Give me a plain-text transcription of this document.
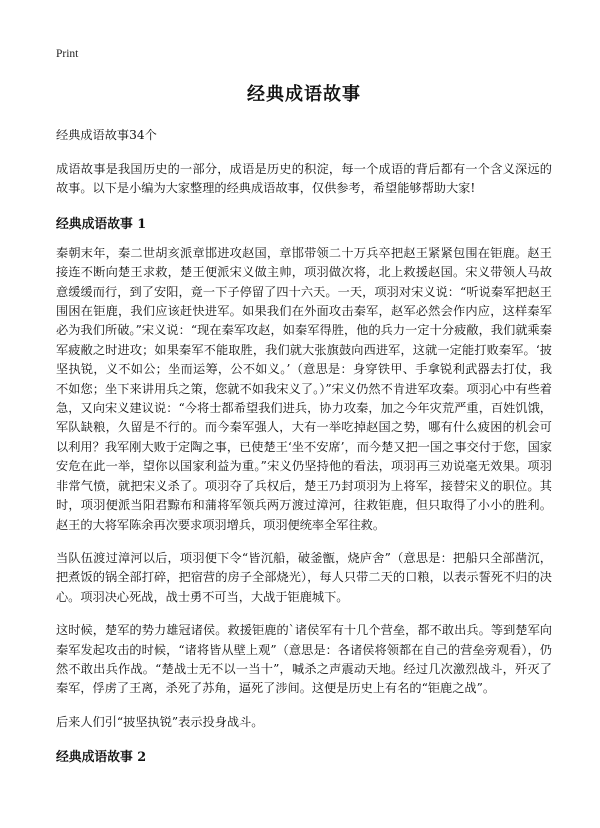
Print
经典成语故事

经典成语故事34个

成语故事是我国历史的一部分，成语是历史的积淀，每一个成语的背后都有一个含义深远的故事。以下是小编为大家整理的经典成语故事，仅供参考，希望能够帮助大家!

经典成语故事 1

秦朝末年，秦二世胡亥派章邯进攻赵国，章邯带领二十万兵卒把赵王紧紧包围在钜鹿。赵王接连不断向楚王求救，楚王便派宋义做主帅，项羽做次将，北上救援赵国。宋义带领人马故意缓缓而行，到了安阳，竟一下子停留了四十六天。一天，项羽对宋义说：“听说秦军把赵王围困在钜鹿，我们应该赶快进军。如果我们在外面攻击秦军，赵军必然会作内应，这样秦军必为我们所破。”宋义说：“现在秦军攻赵，如秦军得胜，他的兵力一定十分疲敝，我们就乘秦军疲敝之时进攻；如果秦军不能取胜，我们就大张旗鼓向西进军，这就一定能打败秦军。‘披坚执锐，义不如公；坐而运筹，公不如义。’（意思是：身穿铁甲、手拿锐利武器去打仗，我不如您；坐下来讲用兵之策，您就不如我宋义了。）”宋义仍然不肯进军攻秦。项羽心中有些着急，又向宋义建议说：“今将士都希望我们进兵，协力攻秦，加之今年灾荒严重，百姓饥饿，军队缺粮，久留是不行的。而今秦军强人，大有一举吃掉赵国之势，哪有什么疲困的机会可以利用？我军刚大败于定陶之事，已使楚王‘坐不安席’，而今楚又把一国之事交付于您，国家安危在此一举，望你以国家利益为重。”宋义仍坚持他的看法，项羽再三劝说毫无效果。项羽非常气愤，就把宋义杀了。项羽夺了兵权后，楚王乃封项羽为上将军，接替宋义的职位。其时，项羽便派当阳君黥布和蒲将军领兵两万渡过漳河，往救钜鹿，但只取得了小小的胜利。赵王的大将军陈余再次要求项羽增兵，项羽便统率全军往救。

当队伍渡过漳河以后，项羽便下令“皆沉船，破釜甑，烧庐舍”（意思是：把船只全部凿沉，把煮饭的锅全部打碎，把宿营的房子全部烧光），每人只带二天的口粮，以表示誓死不归的决心。项羽决心死战，战士勇不可当，大战于钜鹿城下。

这时候，楚军的势力雄冠诸侯。救援钜鹿的`诸侯军有十几个营垒，都不敢出兵。等到楚军向秦军发起攻击的时候，“诸将皆从壁上观”（意思是：各诸侯将领都在自己的营垒旁观看），仍然不敢出兵作战。“楚战士无不以一当十”，喊杀之声震动天地。经过几次激烈战斗，歼灭了秦军，俘虏了王离，杀死了苏角，逼死了涉间。这便是历史上有名的“钜鹿之战”。

后来人们引“披坚执锐”表示投身战斗。

经典成语故事 2
